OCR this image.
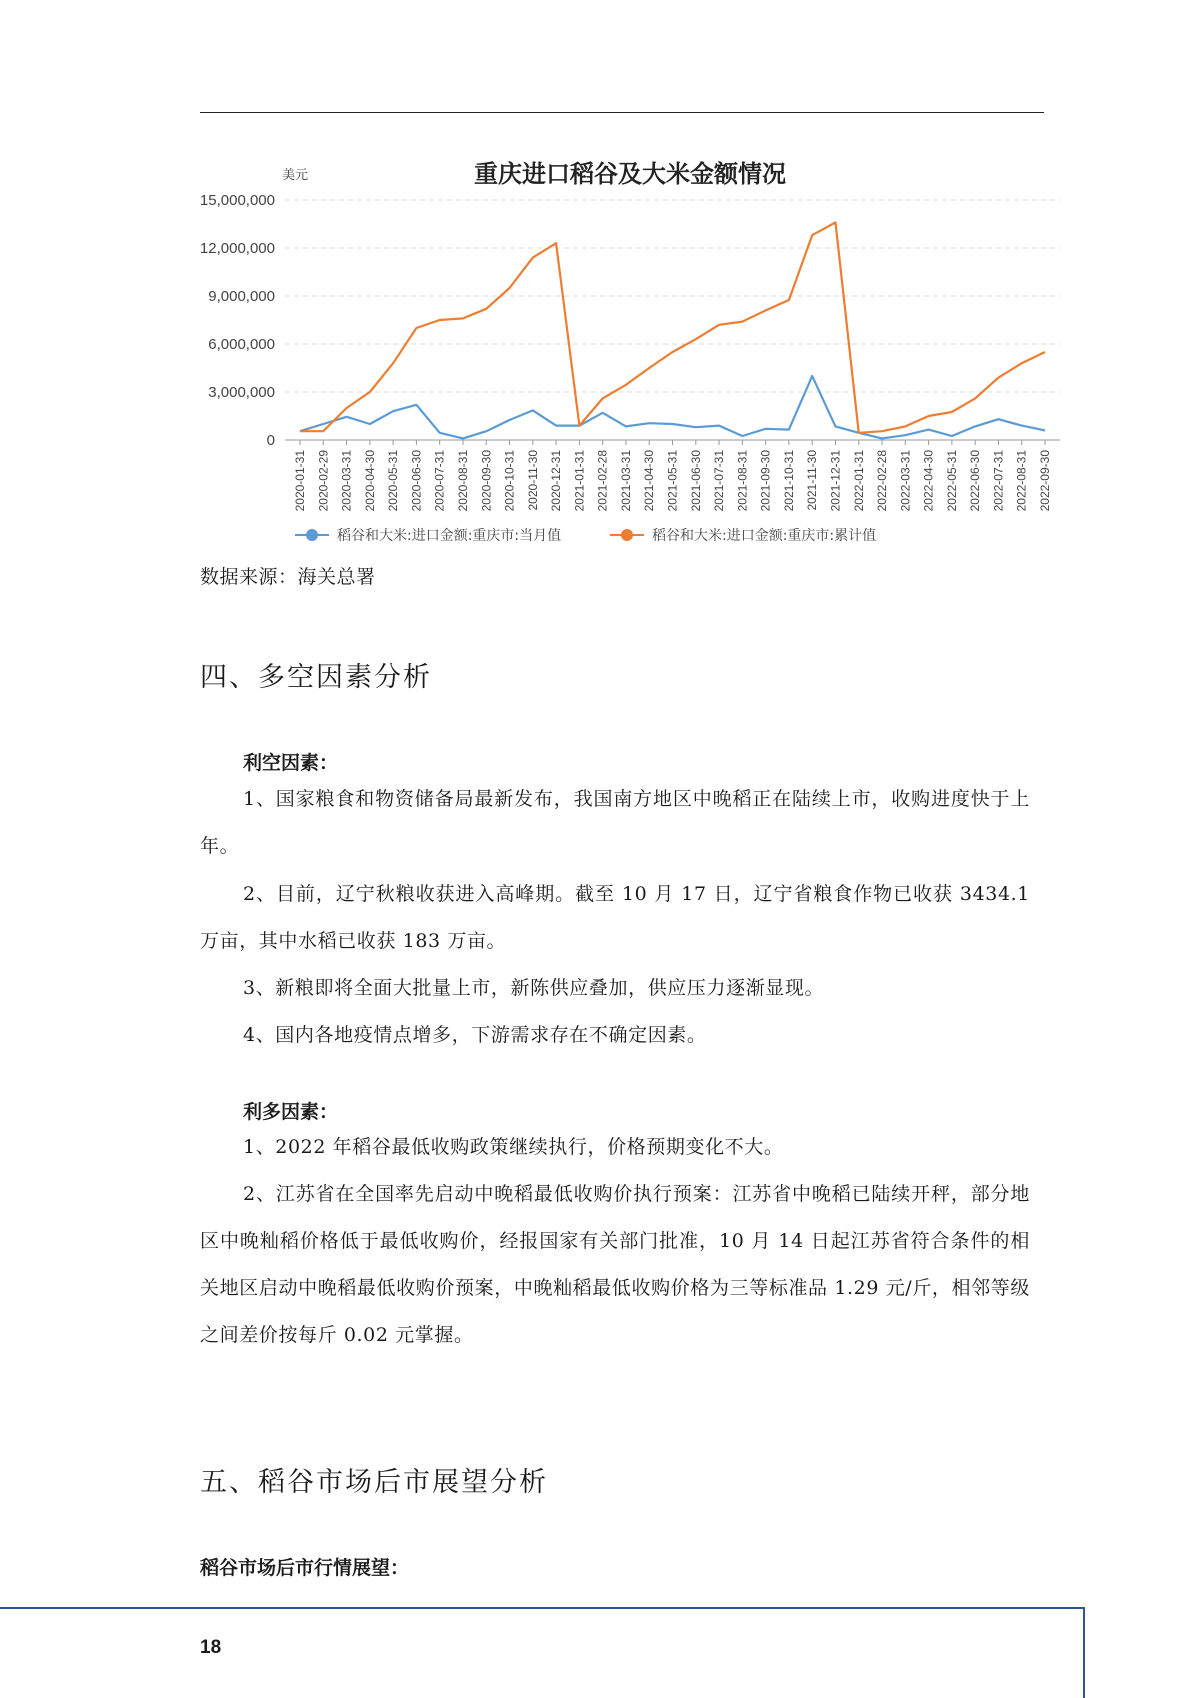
0
3,000,000
6,000,000
9,000,000
12,000,000
15,000,000
2020-01-31 2020-02-29 2020-03-31 2020-04-30 2020-05-31 2020-06-30 2020-07-31 2020-08-31 2020-09-30 2020-10-31 2020-11-30 2020-12-31 2021-01-31 2021-02-28 2021-03-31 2021-04-30 2021-05-31 2021-06-30 2021-07-31 2021-08-31 2021-09-30 2021-10-31 2021-11-30 2021-12-31 2022-01-31 2022-02-28 2022-03-31 2022-04-30 2022-05-31 2022-06-30 2022-07-31 2022-08-31 2022-09-30
稻谷和大米:进口金额:重庆市:当月值	稻谷和大米:进口金额:重庆市:累计值
重庆进口稻谷及大米金额情况
美元
数据来源：海关总署
四、多空因素分析
利空因素：

1、国家粮食和物资储备局最新发布，我国南方地区中晚稻正在陆续上市，收购进度快于上年。

2、目前，辽宁秋粮收获进入高峰期。截至 10 月 17 日，辽宁省粮食作物已收获 3434.1 万亩，其中水稻已收获 183 万亩。

3、新粮即将全面大批量上市，新陈供应叠加，供应压力逐渐显现。

4、国内各地疫情点增多，下游需求存在不确定因素。

利多因素：

1、2022 年稻谷最低收购政策继续执行，价格预期变化不大。

2、江苏省在全国率先启动中晚稻最低收购价执行预案：江苏省中晚稻已陆续开秤，部分地区中晚籼稻价格低于最低收购价，经报国家有关部门批准，10 月 14 日起江苏省符合条件的相关地区启动中晚稻最低收购价预案，中晚籼稻最低收购价格为三等标准品 1.29 元/斤，相邻等级之间差价按每斤 0.02 元掌握。

五、稻谷市场后市展望分析
稻谷市场后市行情展望：
18
